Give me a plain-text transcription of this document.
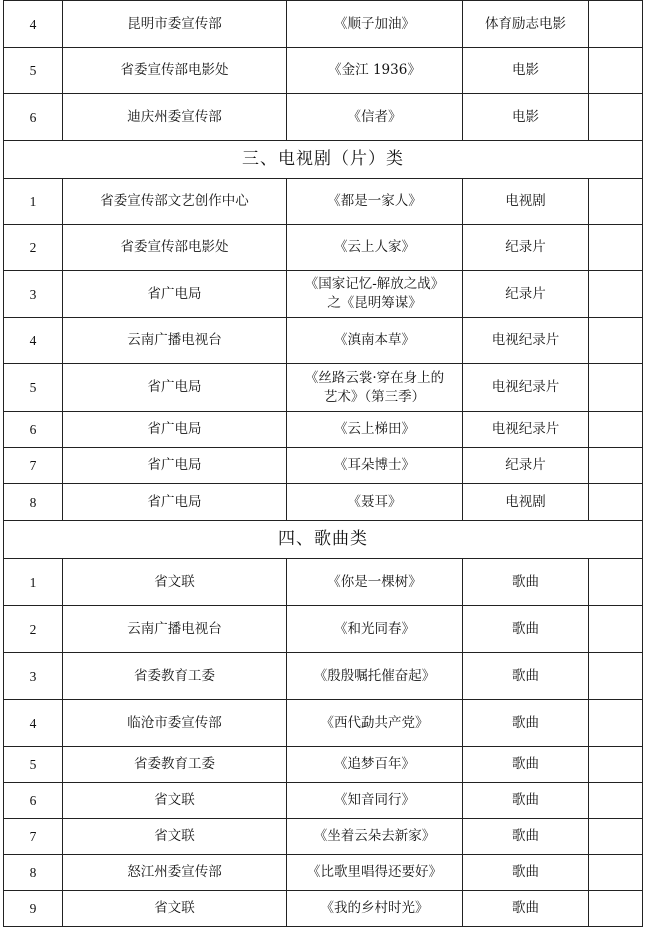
4	昆明市委宣传部	《顺子加油》	体育励志电影	
5	省委宣传部电影处	《金江 1936》	电影	
6	迪庆州委宣传部	《信者》	电影	
三、电视剧（片）类				
1	省委宣传部文艺创作中心	《都是一家人》	电视剧	
2	省委宣传部电影处	《云上人家》	纪录片	
3	省广电局	《国家记忆-解放之战》
之《昆明筹谋》	纪录片	
4	云南广播电视台	《滇南本草》	电视纪录片	
5	省广电局	《丝路云裳·穿在身上的
艺术》（第三季）	电视纪录片	
6	省广电局	《云上梯田》	电视纪录片	
7	省广电局	《耳朵博士》	纪录片	
8	省广电局	《聂耳》	电视剧	
四、歌曲类				
1	省文联	《你是一棵树》	歌曲	
2	云南广播电视台	《和光同春》	歌曲	
3	省委教育工委	《殷殷嘱托催奋起》	歌曲	
4	临沧市委宣传部	《西代勐共产党》	歌曲	
5	省委教育工委	《追梦百年》	歌曲	
6	省文联	《知音同行》	歌曲	
7	省文联	《坐着云朵去新家》	歌曲	
8	怒江州委宣传部	《比歌里唱得还要好》	歌曲	
9	省文联	《我的乡村时光》	歌曲	
